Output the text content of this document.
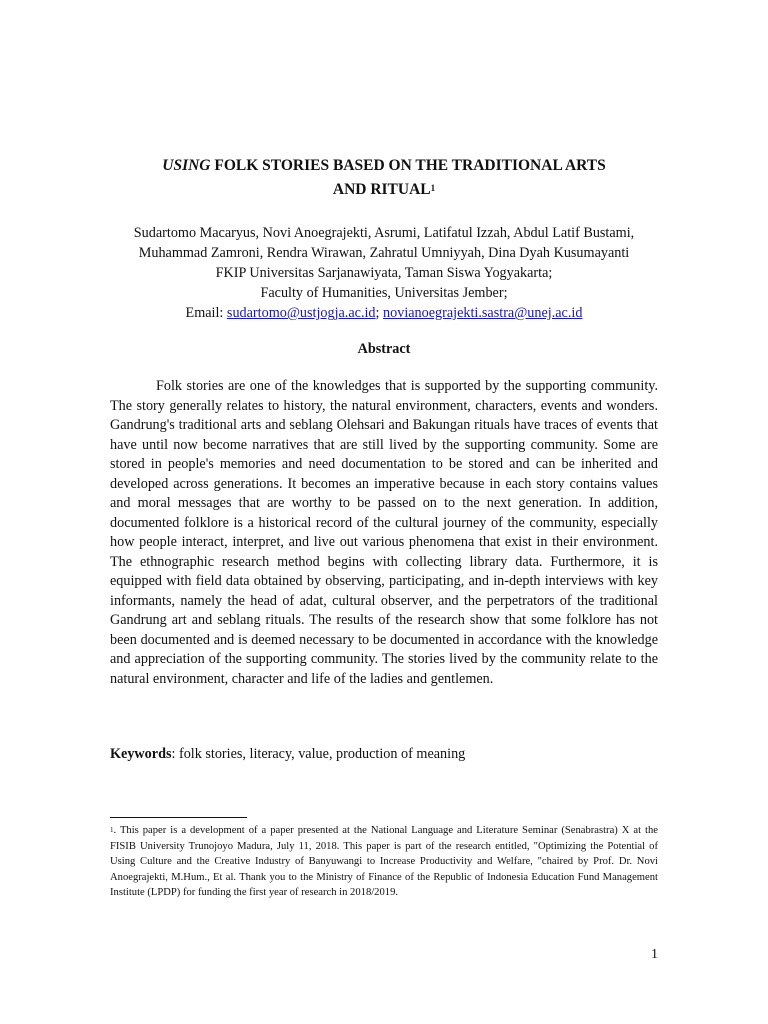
USING FOLK STORIES BASED ON THE TRADITIONAL ARTS
AND RITUAL$^1$
Sudartomo Macaryus, Novi Anoegrajekti, Asrumi, Latifatul Izzah, Abdul Latif Bustami,
Muhammad Zamroni, Rendra Wirawan, Zahratul Umniyyah, Dina Dyah Kusumayanti
FKIP Universitas Sarjanawiyata, Taman Siswa Yogyakarta;
Faculty of Humanities, Universitas Jember;
Email: sudartomo@ustjogja.ac.id; novianoegrajekti.sastra@unej.ac.id
Abstract

Folk stories are one of the knowledges that is supported by the supporting community. The story generally relates to history, the natural environment, characters, events and wonders. Gandrung's traditional arts and seblang Olehsari and Bakungan rituals have traces of events that have until now become narratives that are still lived by the supporting community. Some are stored in people's memories and need documentation to be stored and can be inherited and developed across generations. It becomes an imperative because in each story contains values and moral messages that are worthy to be passed on to the next generation. In addition, documented folklore is a historical record of the cultural journey of the community, especially how people interact, interpret, and live out various phenomena that exist in their environment. The ethnographic research method begins with collecting library data. Furthermore, it is equipped with field data obtained by observing, participating, and in-depth interviews with key informants, namely the head of adat, cultural observer, and the perpetrators of the traditional Gandrung art and seblang rituals. The results of the research show that some folklore has not been documented and is deemed necessary to be documented in accordance with the knowledge and appreciation of the supporting community. The stories lived by the community relate to the natural environment, character and life of the ladies and gentlemen.

Keywords: folk stories, literacy, value, production of meaning

$^1$. This paper is a development of a paper presented at the National Language and Literature Seminar (Senabrastra) X at the FISIB University Trunojoyo Madura, July 11, 2018. This paper is part of the research entitled, "Optimizing the Potential of Using Culture and the Creative Industry of Banyuwangi to Increase Productivity and Welfare, "chaired by Prof. Dr. Novi Anoegrajekti, M.Hum., Et al. Thank you to the Ministry of Finance of the Republic of Indonesia Education Fund Management Institute (LPDP) for funding the first year of research in 2018/2019.

1
